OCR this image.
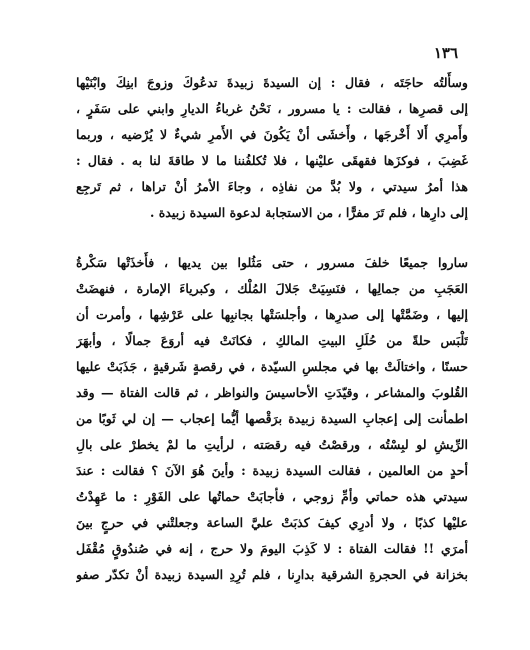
١٣٦
وسأَلتُه حاجَتَه ، فقال : إن السيدةَ زبيدةَ تدعُوكَ وزوجَ ابنِكَ وابْنَيْها
إلى قصرِها ، فقالت : يا مسرور ، نَحْنُ غرباءُ الديارِ وابني على سَفَرٍ ،
وأَمرِي أَلا أَخْرجَها ، وأَخشَى أنْ يَكُونَ في الأَمرِ شيءٌ لا يُرْضيه ، وربما
غَضِبَ ، فوكزَها فقهقَى عليْنها ، فلا تُكلفُننا ما لا طاقةَ لنا به . فقال :
هذا أمرُ سيدتي ، ولا بُدَّ من نفاذِه ، وجاءَ الأمرُ أنْ تراها ، ثم تَرجِع
إلى دارِها ، فلم تَرَ مفرًّا ، من الاستجابة لدعوة السيدة زبيدة .
ساروا جميعًا خلفَ مسرور ، حتى مَثُلوا بين يديها ، فأَخذَتْها سَكْرةُ
العَجَبِ من جمالِها ، فنَسِيَتْ جَلالَ المُلْك ، وكبرياءَ الإمارة ، فنهضَتْ
إليها ، وضَمَّتْها إلى صدرِها ، وأجلسَتْها بجانبِها على عَرْشِها ، وأمرت أن
تَلْبَس حلةً من حُلَلِ البيتِ المالكِ ، فكانَتْ فيه أروَعَ جمالًا ، وأبهَرَ
حسنًا ، واختالَتْ بها في مجلسِ السيّدة ، في رقصةٍ شَرقيةٍ ، جَذَبَتْ عليها
القُلوبَ والمشاعر ، وقيّدَتِ الأحاسيسَ والنواظر ، ثم قالت الفتاة — وقد
اطمأنت إلى إعجابِ السيدة زبيدة برَقْصها أيُّما إعجاب — إن لي ثَوبًا من
الرِّيشِ لو لبِسْتُه ، ورقصْتُ فيه رقصَته ، لرأيتِ ما لمْ يخطرْ على بالِ
أحدٍ من العالمين ، فقالت السيدة زبيدة : وأينَ هُوَ الآنَ ؟ فقالت : عندَ
سيدتي هذه حماتي وأمِّ زوجي ، فأجابَتْ حماتُها على الفَوْرِ : ما عَهِدْتُ
عليْها كذبًا ، ولا أدرِي كيفَ كذبَتْ عليَّ الساعة وجعلتْني في حرجٍ بينَ
أمرَي !! فقالت الفتاة : لا كَذِبَ اليومَ ولا حرج ، إنه في صُندُوقٍ مُقْفَل
بخزانة في الحجرةِ الشرقية بدارِنا ، فلم تُرِدِ السيدة زبيدة أنْ تكدّر صفو
